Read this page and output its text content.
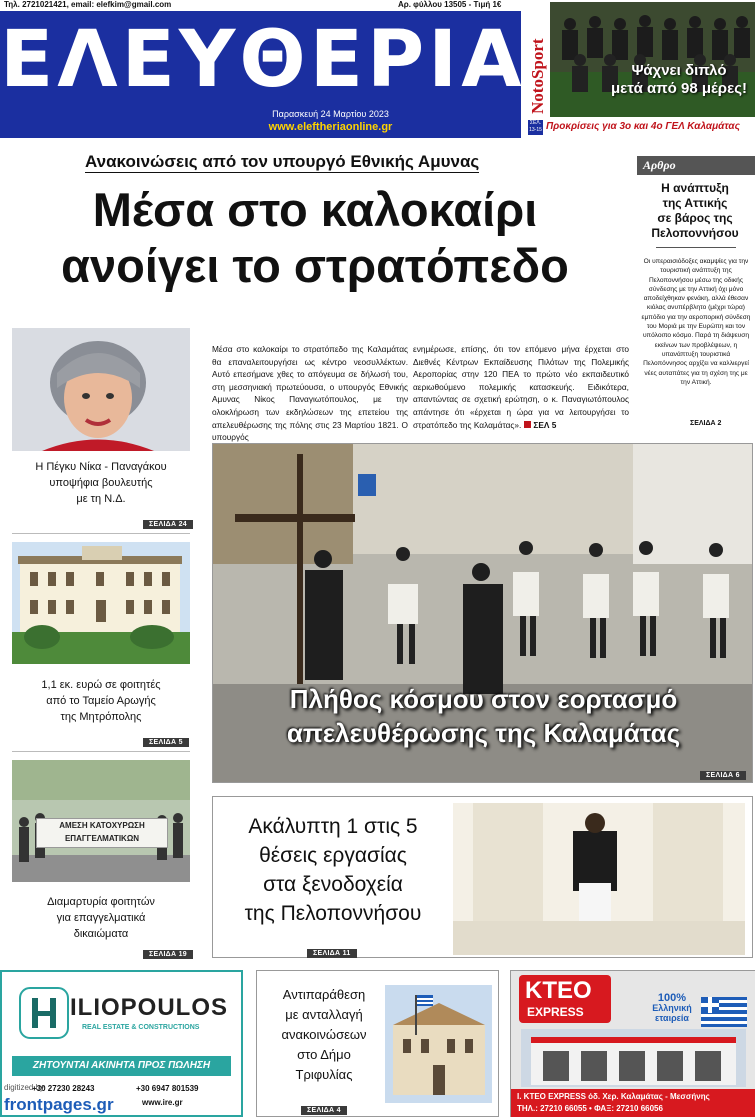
Τηλ. 2721021421, email: elefkim@gmail.com	Αρ. φύλλου 13505 - Τιμή 1€
ΕΛΕΥΘΕΡΙΑ
Παρασκευή 24 Μαρτίου 2023
www.eleftheriaonline.gr
NotoSport	Ψάχνει διπλό
μετά από 98 μέρες!
ΣΕΛ. 13-15 Προκρίσεις για 3ο και 4ο ΓΕΛ Καλαμάτας
Ανακοινώσεις από τον υπουργό Εθνικής Αμυνας
Μέσα στο καλοκαίρι
ανοίγει το στρατόπεδο
Μέσα στο καλοκαίρι το στρατόπεδο της Καλαμάτας θα επαναλειτουργήσει ως κέντρο νεοσυλλέκτων. Αυτό επεσήμανε χθες το απόγευμα σε δήλωσή του, στη μεσσηνιακή πρωτεύουσα, ο υπουργός Εθνικής Αμυνας Νίκος Παναγιωτόπουλος, με την ολοκλήρωση των εκδηλώσεων της επετείου της απελευθέρωσης της πόλης στις 23 Μαρτίου 1821. Ο υπουργός
ενημέρωσε, επίσης, ότι τον επόμενο μήνα έρχεται στο Διεθνές Κέντρων Εκπαίδευσης Πιλότων της Πολεμικής Αεροπορίας στην 120 ΠΕΑ το πρώτο νέο εκπαιδευτικό αεριωθούμενο πολεμικής κατασκευής. Ειδικότερα, απαντώντας σε σχετική ερώτηση, ο κ. Παναγιωτόπουλος απάντησε ότι «έρχεται η ώρα για να λειτουργήσει το στρατόπεδο της Καλαμάτας». ΣΕΛ 5
Αρθρο
Η ανάπτυξη
της Αττικής
σε βάρος της
Πελοποννήσου
Οι υπεραισιόδοξες ακαμψίες για την τουριστική ανάπτυξη της Πελοποννήσου μέσω της οδικής σύνδεσης με την Αττική όχι μόνο αποδείχθηκαν φενάκη, αλλά έθεσαν κιόλας ανυπέρβλητο (μέχρι τώρα) εμπόδιο για την αεροπορική σύνδεση του Μοριά με την Ευρώπη και τον υπόλοιπο κόσμο. Παρά τη διάψευση εκείνων των προβλέψεων, η υπανάπτυξη τουριστικά Πελοπόννησος αρχίζει να καλλιεργεί νέες αυταπάτες για τη σχέση της με την Αττική.
ΣΕΛΙΔΑ 2
Η Πέγκυ Νίκα - Παναγάκου
υποψήφια βουλευτής
με τη Ν.Δ.
ΣΕΛΙΔΑ 24
1,1 εκ. ευρώ σε φοιτητές
από το Ταμείο Αρωγής
της Μητρόπολης
ΣΕΛΙΔΑ 5
ΑΜΕΣΗ ΚΑΤΟΧΥΡΩΣΗ
ΕΠΑΓΓΕΛΜΑΤΙΚΩΝ
Διαμαρτυρία φοιτητών
για επαγγελματικά
δικαιώματα
ΣΕΛΙΔΑ 19
Πλήθος κόσμου στον εορτασμό
απελευθέρωσης της Καλαμάτας
ΣΕΛΙΔΑ 6
Ακάλυπτη 1 στις 5
θέσεις εργασίας
στα ξενοδοχεία
της Πελοποννήσου
ΣΕΛΙΔΑ 11
ILIOPOULOS
REAL ESTATE & CONSTRUCTIONS
ΖΗΤΟΥΝΤΑΙ ΑΚΙΝΗΤΑ ΠΡΟΣ ΠΩΛΗΣΗ
+30 27230 28243	+30 6947 801539
www.ire.gr
Αντιπαράθεση
με ανταλλαγή
ανακοινώσεων
στο Δήμο
Τριφυλίας
ΣΕΛΙΔΑ 4
ΚΤΕΟ
EXPRESS
100%
Ελληνική
εταιρεία
Ι. ΚΤΕΟ EXPRESS όδ. Χερ. Καλαμάτας - Μεσσήνης
ΤΗΛ.: 27210 66055 • ΦΑΞ: 27210 66056
digitized by
frontpages.gr
